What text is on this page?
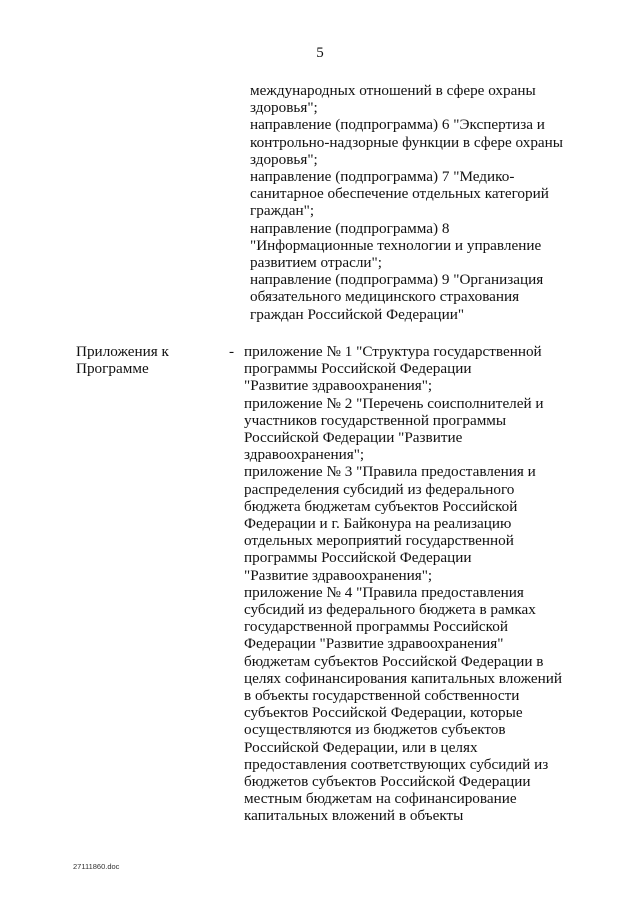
5
международных отношений в сфере охраны
здоровья";
направление (подпрограмма) 6 "Экспертиза и
контрольно-надзорные функции в сфере охраны
здоровья";
направление (подпрограмма) 7 "Медико-
санитарное обеспечение отдельных категорий
граждан";
направление (подпрограмма) 8
"Информационные технологии и управление
развитием отрасли";
направление (подпрограмма) 9 "Организация
обязательного медицинского страхования
граждан Российской Федерации"
Приложения к
Программе
- приложение № 1 "Структура государственной
программы Российской Федерации
"Развитие здравоохранения";
приложение № 2 "Перечень соисполнителей и
участников государственной программы
Российской Федерации "Развитие
здравоохранения";
приложение № 3 "Правила предоставления и
распределения субсидий из федерального
бюджета бюджетам субъектов Российской
Федерации и г. Байконура на реализацию
отдельных мероприятий государственной
программы Российской Федерации
"Развитие здравоохранения";
приложение № 4 "Правила предоставления
субсидий из федерального бюджета в рамках
государственной программы Российской
Федерации "Развитие здравоохранения"
бюджетам субъектов Российской Федерации в
целях софинансирования капитальных вложений
в объекты государственной собственности
субъектов Российской Федерации, которые
осуществляются из бюджетов субъектов
Российской Федерации, или в целях
предоставления соответствующих субсидий из
бюджетов субъектов Российской Федерации
местным бюджетам на софинансирование
капитальных вложений в объекты
27111860.doc
